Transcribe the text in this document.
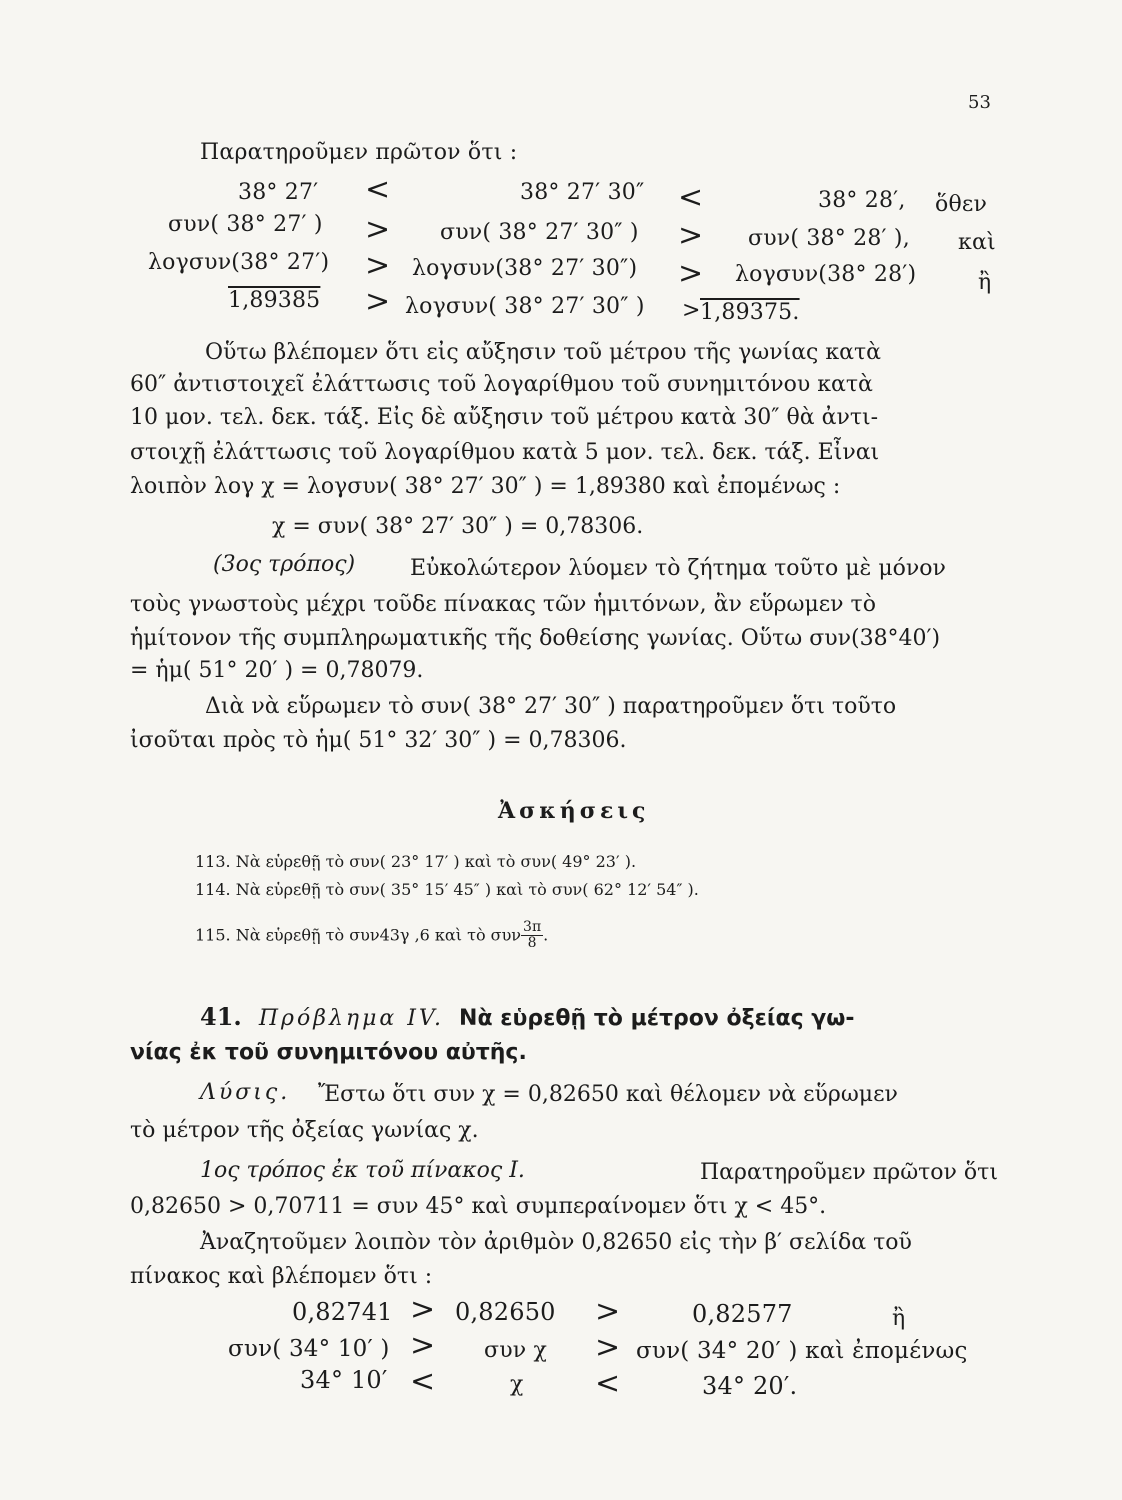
53
Παρατηροῦμεν πρῶτον ὅτι :
38° 27′ <	38° 27′ 30″ <	38° 28′, ὅθεν
συν( 38° 27′ ) > συν( 38° 27′ 30″ ) > συν( 38° 28′ ), καὶ
λογσυν(38° 27′) > λογσυν(38° 27′ 30″) > λογσυν(38° 28′)	ἢ
1,89385 > λογσυν( 38° 27′ 30″ ) > 1,89375.
Οὕτω βλέπομεν ὅτι εἰς αὔξησιν τοῦ μέτρου τῆς γωνίας κατὰ
60″ ἀντιστοιχεῖ ἐλάττωσις τοῦ λογαρίθμου τοῦ συνημιτόνου κατὰ
10 μον. τελ. δεκ. τάξ. Εἰς δὲ αὔξησιν τοῦ μέτρου κατὰ 30″ θὰ ἀντι-
στοιχῇ ἐλάττωσις τοῦ λογαρίθμου κατὰ 5 μον. τελ. δεκ. τάξ. Εἶναι
λοιπὸν λογ χ = λογσυν( 38° 27′ 30″ ) = 1,89380 καὶ ἐπομένως :
χ = συν( 38° 27′ 30″ ) = 0,78306.
(3ος τρόπος) Εὐκολώτερον λύομεν τὸ ζήτημα τοῦτο μὲ μόνον
τοὺς γνωστοὺς μέχρι τοῦδε πίνακας τῶν ἡμιτόνων, ἂν εὕρωμεν τὸ
ἡμίτονον τῆς συμπληρωματικῆς τῆς δοθείσης γωνίας. Οὕτω συν(38°40′)
= ἡμ( 51° 20′ ) = 0,78079.
Διὰ νὰ εὕρωμεν τὸ συν( 38° 27′ 30″ ) παρατηροῦμεν ὅτι τοῦτο
ἰσοῦται πρὸς τὸ ἡμ( 51° 32′ 30″ ) = 0,78306.
Ἀσκήσεις
113. Νὰ εὑρεθῇ τὸ συν( 23° 17′ ) καὶ τὸ συν( 49° 23′ ).
114. Νὰ εὑρεθῇ τὸ συν( 35° 15′ 45″ ) καὶ τὸ συν( 62° 12′ 54″ ).
115. Νὰ εὑρεθῇ τὸ συν43γ ,6 καὶ τὸ συν $\frac{3\pi}{8}$ .
41. Πρόβλημα IV. Νὰ εὑρεθῇ τὸ μέτρον ὀξείας γω-
νίας ἐκ τοῦ συνημιτόνου αὐτῆς.
Λύσις. Ἔστω ὅτι συν χ = 0,82650 καὶ θέλομεν νὰ εὕρωμεν
τὸ μέτρον τῆς ὀξείας γωνίας χ.
1ος τρόπος ἐκ τοῦ πίνακος I.	Παρατηροῦμεν πρῶτον ὅτι
0,82650 > 0,70711 = συν 45° καὶ συμπεραίνομεν ὅτι χ < 45°.
Ἀναζητοῦμεν λοιπὸν τὸν ἀριθμὸν 0,82650 εἰς τὴν β′ σελίδα τοῦ
πίνακος καὶ βλέπομεν ὅτι :
0,82741 > 0,82650 >	0,82577	ἢ
συν( 34° 10′ ) > συν χ > συν( 34° 20′ ) καὶ ἐπομένως
34° 10′ <	χ <	34° 20′.
